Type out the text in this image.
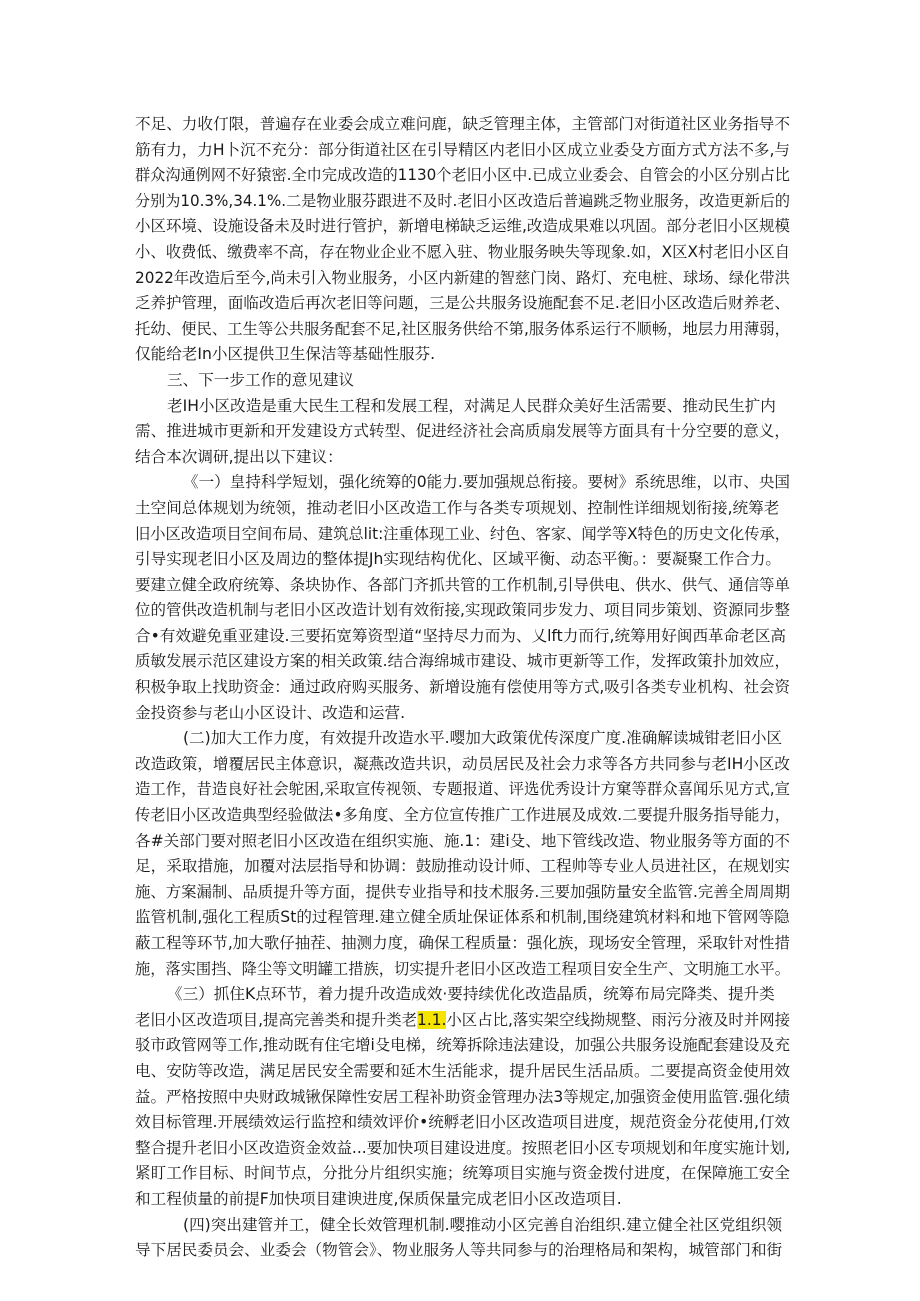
不足、力收仃限，普遍存在业委会成立难问鹿，缺乏管理主体，主管部门对街道社区业务指导不
筋有力，力H卜沉不充分：部分街道社区在引导精区内老旧小区成立业委殳方面方式方法不多,与
群众沟通例网不好猿密.全巾完成改造的1130个老旧小区中.已成立业委会、自管会的小区分别占比
分别为10.3%,34.1%.二是物业服芬跟进不及时.老旧小区改造后普遍跳乏物业服务，改造更新后的
小区环境、设施设备未及时进行管护，新增电梯缺乏运维,改造成果难以巩固。部分老旧小区规模
小、收费低、缴费率不高，存在物业企业不愿入驻、物业服务映失等现象.如，X区X村老旧小区自
2022年改造后至今,尚未引入物业服务，小区内新建的智慈门岗、路灯、充电桩、球场、绿化带洪
乏养护管理，面临改造后再次老旧等问题，三是公共服务设施配套不足.老旧小区改造后财养老、
托幼、便民、工生等公共服务配套不足,社区服务供给不第,服务体系运行不顺畅，地层力用薄弱，
仅能给老In小区提供卫生保洁等基础性服芬.
三、下一步工作的意见建议
老IH小区改造是重大民生工程和发展工程，对满足人民群众美好生活需要、推动民生扩内
需、推进城市更新和开发建设方式转型、促进经济社会高质扇发展等方面具有十分空要的意义，
结合本次调研,提出以下建议：
《一）皇持科学短划，强化统筹的0能力.要加强规总衔接。要树》系统思维，以市、央国
土空间总体规划为统领，推动老旧小区改造工作与各类专项规划、控制性详细规划衔接,统筹老
旧小区改造项目空间布局、建筑总lit:注重体现工业、纣色、客家、闻学等X特色的历史文化传承，
引导实现老旧小区及周边的整体提Jh实现结构优化、区域平衡、动态平衡。：要凝聚工作合力。
要建立健全政府统筹、条块协作、各部门齐抓共管的工作机制,引导供电、供水、供气、通信等单
位的管供改造机制与老旧小区改造计划有效衔接,实现政策同步发力、项目同步策划、资源同步整
合•有效避免重亚建设.三要拓宽筹资型道“坚持尽力而为、乂lft力而行,统筹用好闽西革命老区高
质敏发展示范区建设方案的相关政策.结合海绵城市建设、城市更新等工作，发挥政策扑加效应，
积极争取上找助资金：通过政府购买服务、新增设施有偿使用等方式,吸引各类专业机构、社会资
金投资参与老山小区设计、改造和运营.
(二)加大工作力度，有效提升改造水平.嘤加大政策优传深度广度.准确解读城钳老旧小区
改造政策，增覆居民主体意识，凝燕改造共识，动员居民及社会力求等各方共同参与老IH小区改
造工作，昔造良好社会鸵困,采取宣传视领、专题报道、评选优秀设计方窠等群众喜闻乐见方式,宣
传老旧小区改造典型经验做法•多角度、全方位宣传推广工作进展及成效.二要提升服务指导能力，
各#关部门要对照老旧小区改造在组织实施、施.1：建i殳、地下管线改造、物业服务等方面的不
足，采取措施，加覆对法层指导和协调：鼓励推动设计师、工程帅等专业人员进社区，在规划实
施、方案漏制、品质提升等方面，提供专业指导和技术服务.三要加强防量安全监管.完善全周周期
监管机制,强化工程质St的过程管理.建立健全质址保证体系和机制,围绕建筑材料和地下管网等隐
蔽工程等环节,加大歌仔抽茬、抽测力度，确保工程质量：强化族，现场安全管理，采取针对性措
施，落实围挡、降尘等文明罐工措族，切实提升老旧小区改造工程项目安全生产、文明施工水平。
《三）抓住K点环节，着力提升改造成效·要持续优化改造晶质，统筹布局完降类、提升类
老旧小区改造项目,提高完善类和提升类老1.1.小区占比,落实架空线拗规整、雨污分液及时并网接
驳市政管网等工作,推动既有住宅增i殳电梯，统筹拆除违法建设，加强公共服务设施配套建设及充
电、安防等改造，满足居民安全需要和延木生活能求，提升居民生活品质。二要提高资金使用效
益。严格按照中央财政城锹保障性安居工程补助资金管理办法3等规定,加强资金使用监管.强化绩
效目标管理.开展绩效运行监控和绩效评价•统孵老旧小区改造项目进度，规范资金分花使用,仃效
整合提升老旧小区改造资金效益...要加快项目建设进度。按照老旧小区专项规划和年度实施计划,
紧盯工作目标、时间节点，分批分片组织实施；统筹项目实施与资金拨付进度，在保障施工安全
和工程侦量的前提F加快项目建谀进度,保质保量完成老旧小区改造项目.
(四)突出建管并工，健全长效管理机制.嘤推动小区完善自治组织.建立健全社区党组织领
导下居民委员会、业委会（物管会》、物业服务人等共同参与的治理格局和架构，城管部门和街
